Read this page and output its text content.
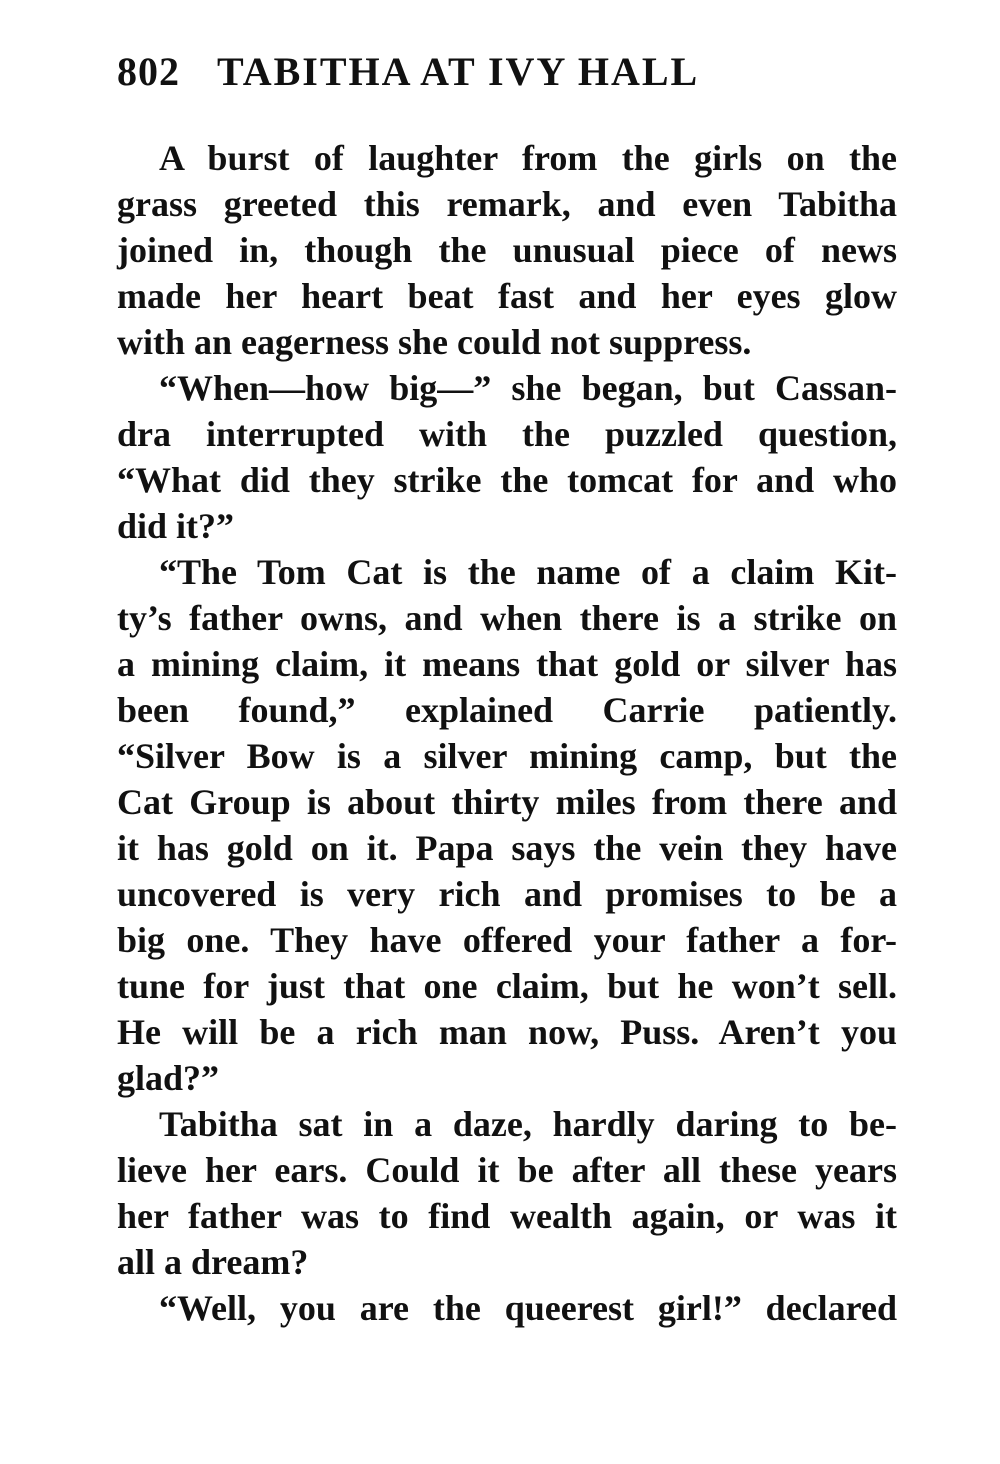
802 TABITHA AT IVY HALL
A burst of laughter from the girls on the
grass greeted this remark, and even Tabitha
joined in, though the unusual piece of news
made her heart beat fast and her eyes glow
with an eagerness she could not suppress.
“When—how big—” she began, but Cassan-
dra interrupted with the puzzled question,
“What did they strike the tomcat for and who
did it?”
“The Tom Cat is the name of a claim Kit-
ty’s father owns, and when there is a strike on
a mining claim, it means that gold or silver has
been found,” explained Carrie patiently.
“Silver Bow is a silver mining camp, but the
Cat Group is about thirty miles from there and
it has gold on it. Papa says the vein they have
uncovered is very rich and promises to be a
big one. They have offered your father a for-
tune for just that one claim, but he won’t sell.
He will be a rich man now, Puss. Aren’t you
glad?”
Tabitha sat in a daze, hardly daring to be-
lieve her ears. Could it be after all these years
her father was to find wealth again, or was it
all a dream?
“Well, you are the queerest girl!” declared
